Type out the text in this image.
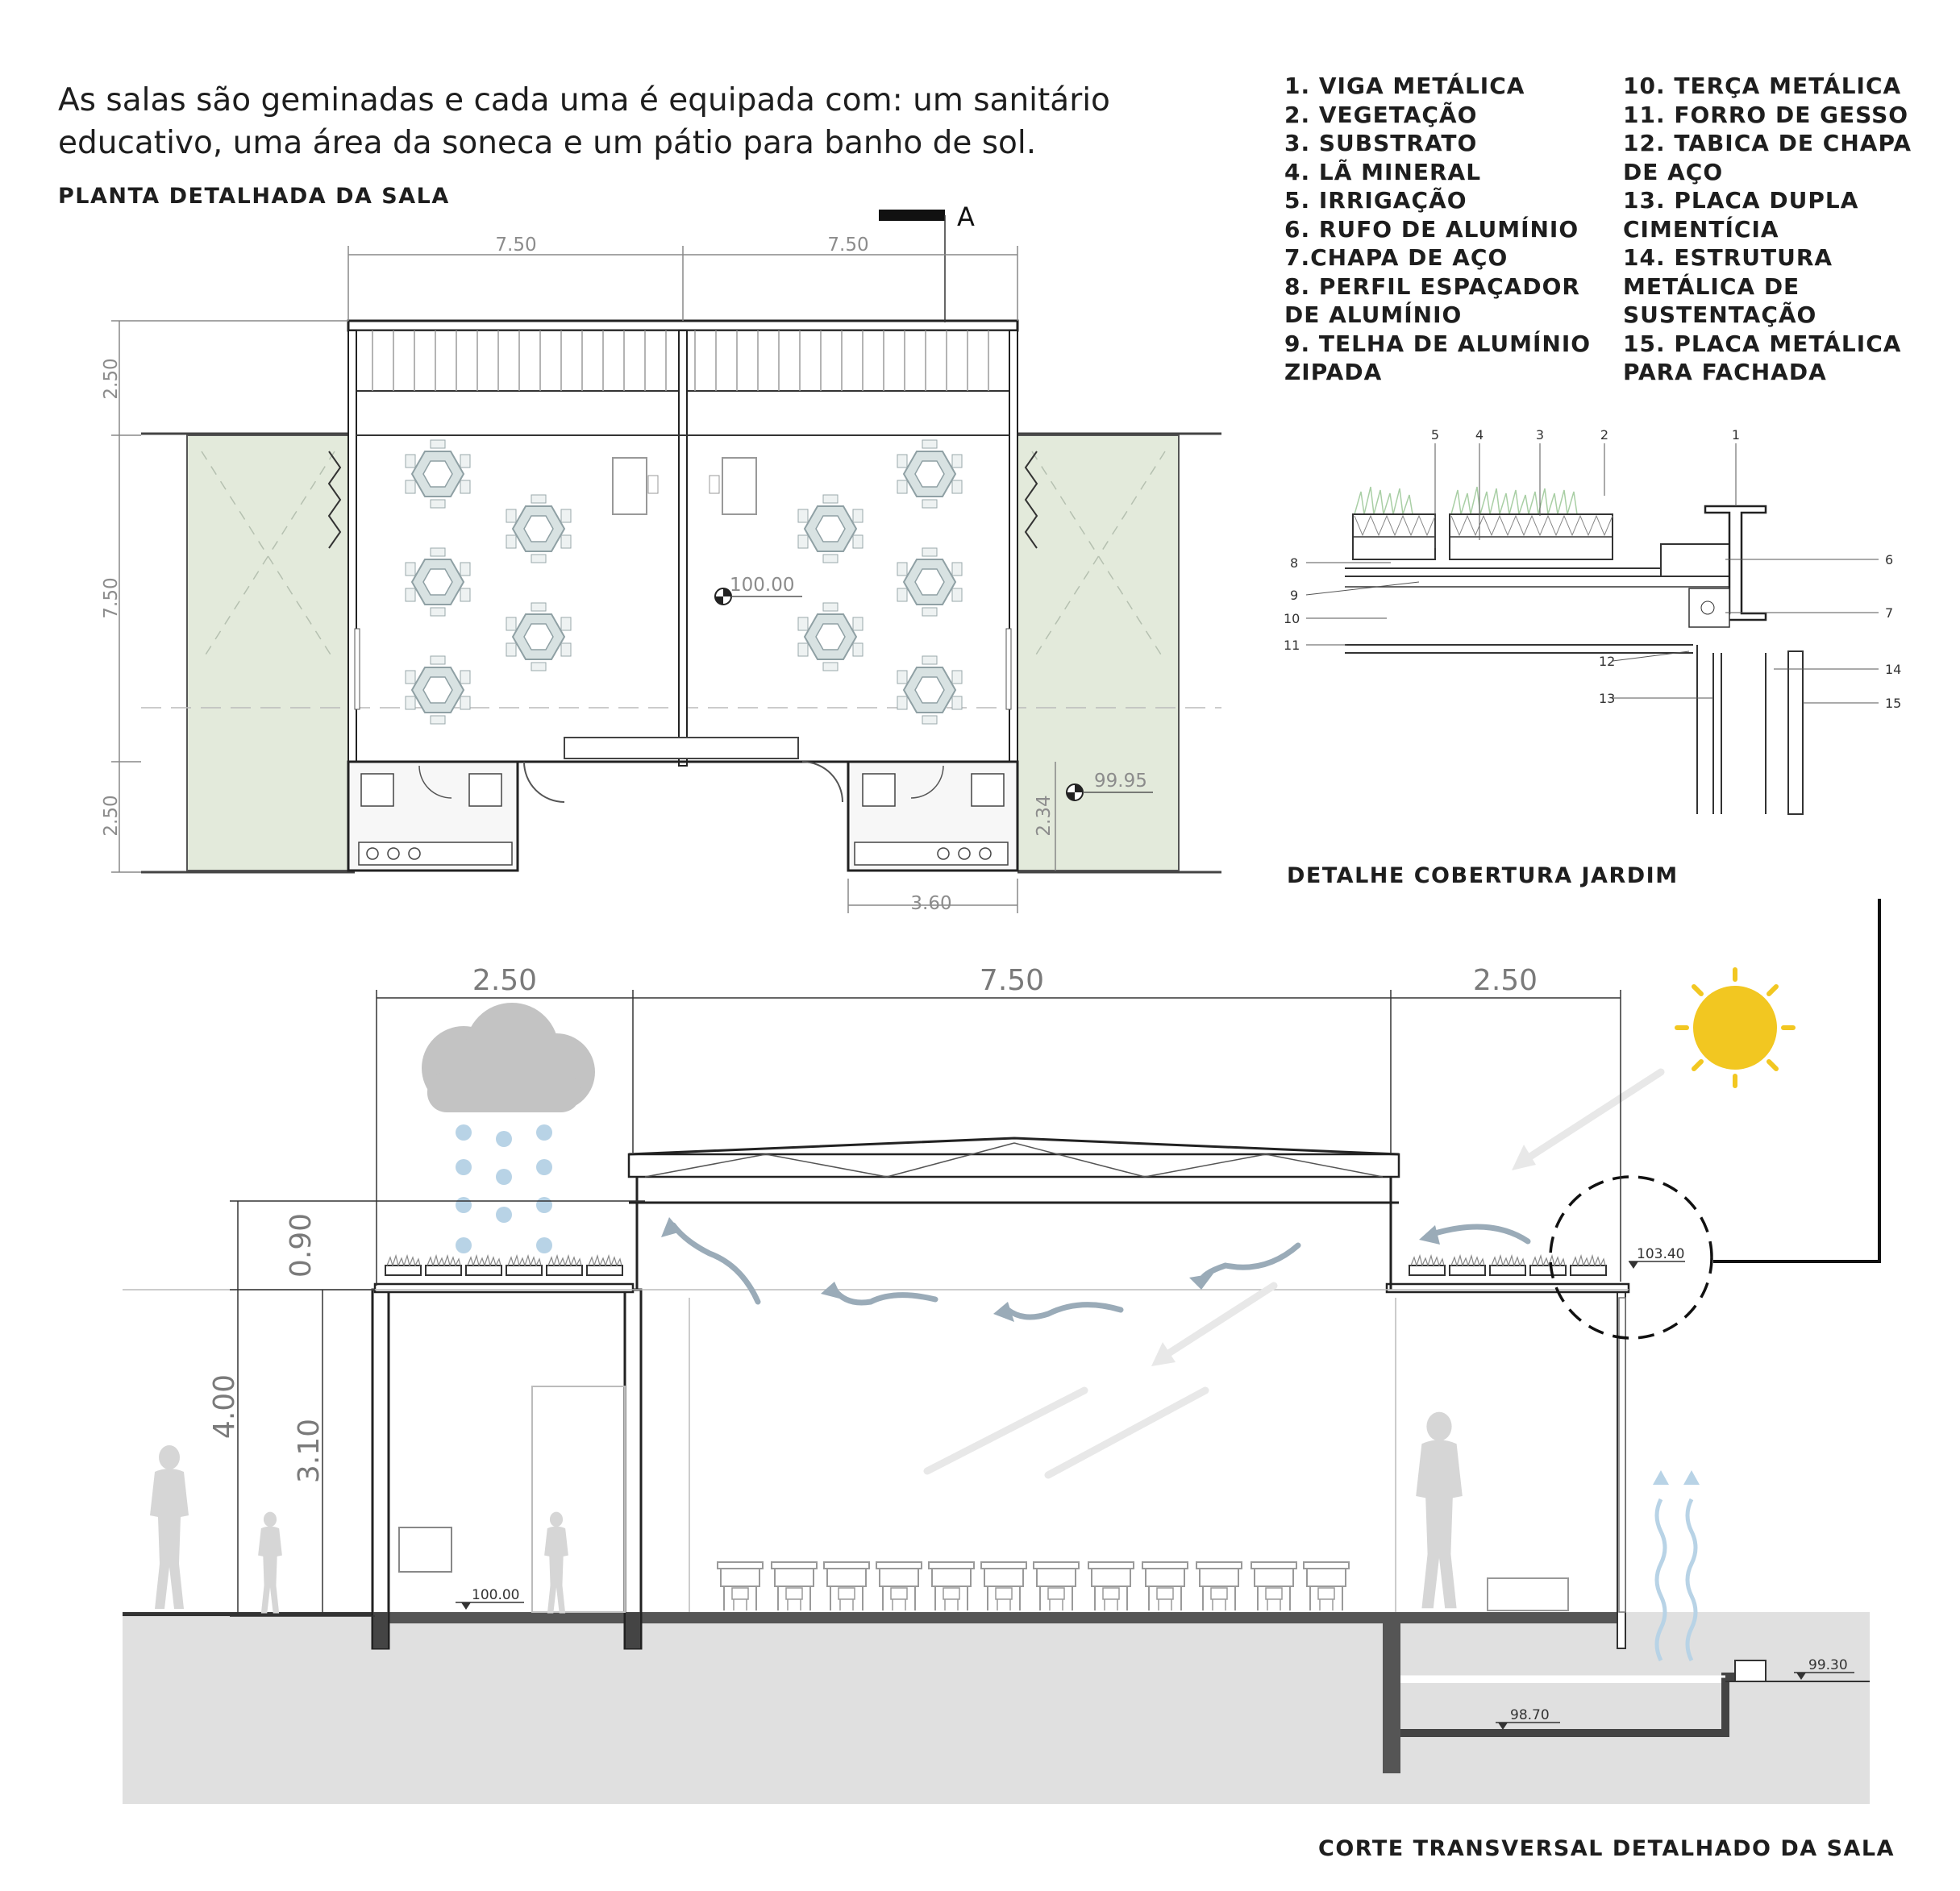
As salas são geminadas e cada uma é equipada com: um sanitário
educativo, uma área da soneca e um pátio para banho de sol.
PLANTA DETALHADA DA SALA
1. VIGA METÁLICA
2. VEGETAÇÃO
3. SUBSTRATO
4. LÃ MINERAL
5. IRRIGAÇÃO
6. RUFO DE ALUMÍNIO
7.CHAPA DE AÇO
8. PERFIL ESPAÇADOR
DE ALUMÍNIO
9. TELHA DE ALUMÍNIO
ZIPADA
10. TERÇA METÁLICA
11. FORRO DE GESSO
12. TABICA DE CHAPA
DE AÇO
13. PLACA DUPLA
CIMENTÍCIA
14. ESTRUTURA
METÁLICA DE
SUSTENTAÇÃO
15. PLACA METÁLICA
PARA FACHADA
DETALHE COBERTURA JARDIM
CORTE TRANSVERSAL DETALHADO DA SALA
100.00
99.95
A
7.50	7.50
2.50
7.50
2.50	2.34
3.60
5	4	3	2	1
6
7
8
9
10
11
12
13
14
15
2.50	7.50	2.50
0.90
4.00
3.10
100.00
103.40
99.30
98.70
